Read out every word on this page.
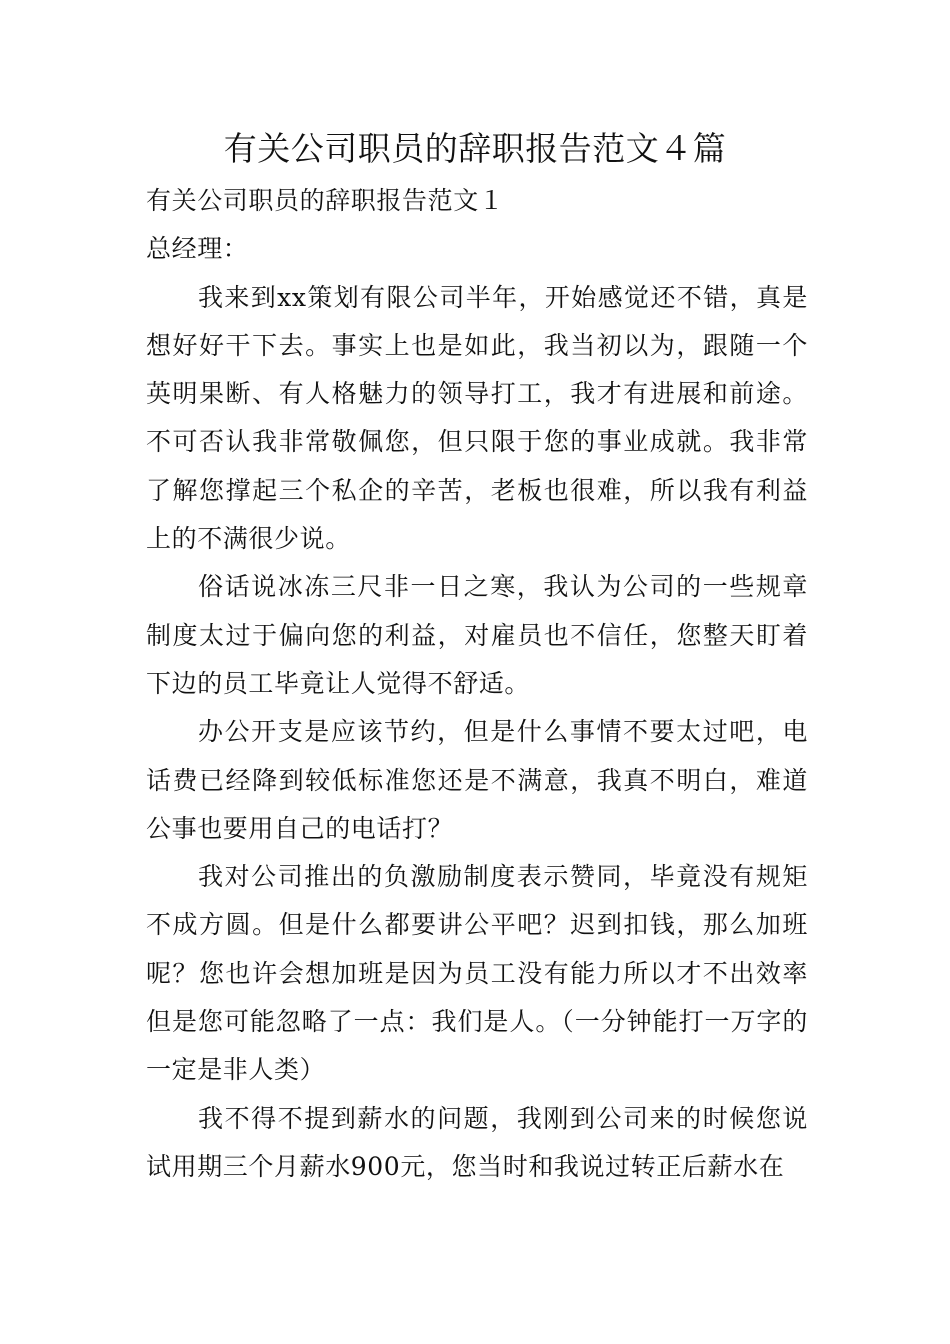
有关公司职员的辞职报告范文４篇

有关公司职员的辞职报告范文１

总经理：

我来到xx策划有限公司半年，开始感觉还不错，真是想好好干下去。事实上也是如此，我当初以为，跟随一个英明果断、有人格魅力的领导打工，我才有进展和前途。不可否认我非常敬佩您，但只限于您的事业成就。我非常了解您撑起三个私企的辛苦，老板也很难，所以我有利益上的不满很少说。

俗话说冰冻三尺非一日之寒，我认为公司的一些规章制度太过于偏向您的利益，对雇员也不信任，您整天盯着下边的员工毕竟让人觉得不舒适。

办公开支是应该节约，但是什么事情不要太过吧，电话费已经降到较低标准您还是不满意，我真不明白，难道公事也要用自己的电话打？

我对公司推出的负激励制度表示赞同，毕竟没有规矩不成方圆。但是什么都要讲公平吧？迟到扣钱，那么加班呢？您也许会想加班是因为员工没有能力所以才不出效率但是您可能忽略了一点：我们是人。（一分钟能打一万字的一定是非人类）

我不得不提到薪水的问题，我刚到公司来的时候您说试用期三个月薪水900元，您当时和我说过转正后薪水在
